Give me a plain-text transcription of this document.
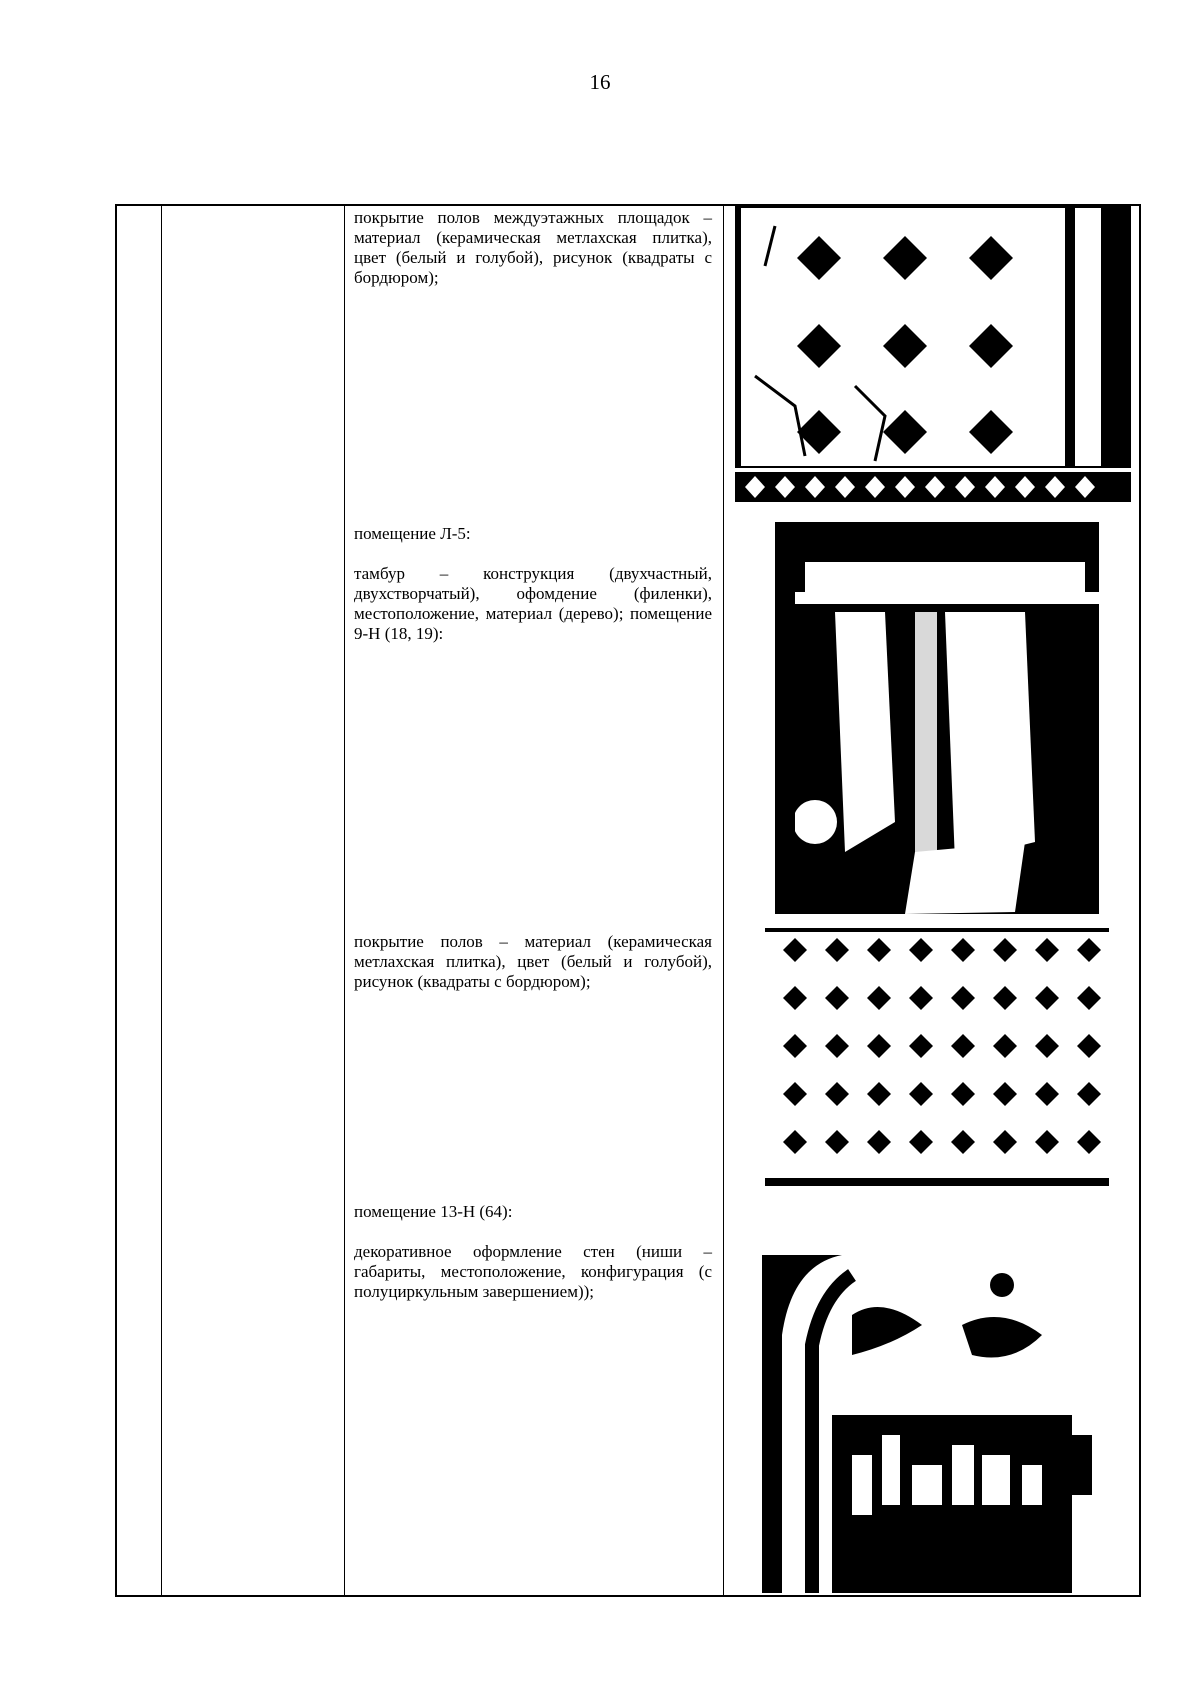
16

покрытие полов междуэтажных площадок – материал (керамическая метлахская плитка), цвет (белый и голубой), рисунок (квадраты с бордюром);

помещение Л-5:

тамбур – конструкция (двухчастный, двухстворчатый), офомдение (филенки), местоположение, материал (дерево); помещение 9-Н (18, 19):

покрытие полов – материал (керамическая метлахская плитка), цвет (белый и голубой), рисунок (квадраты с бордюром);

помещение 13-Н (64):

декоративное оформление стен (ниши – габариты, местоположение, конфигурация (с полуциркульным завершением));
